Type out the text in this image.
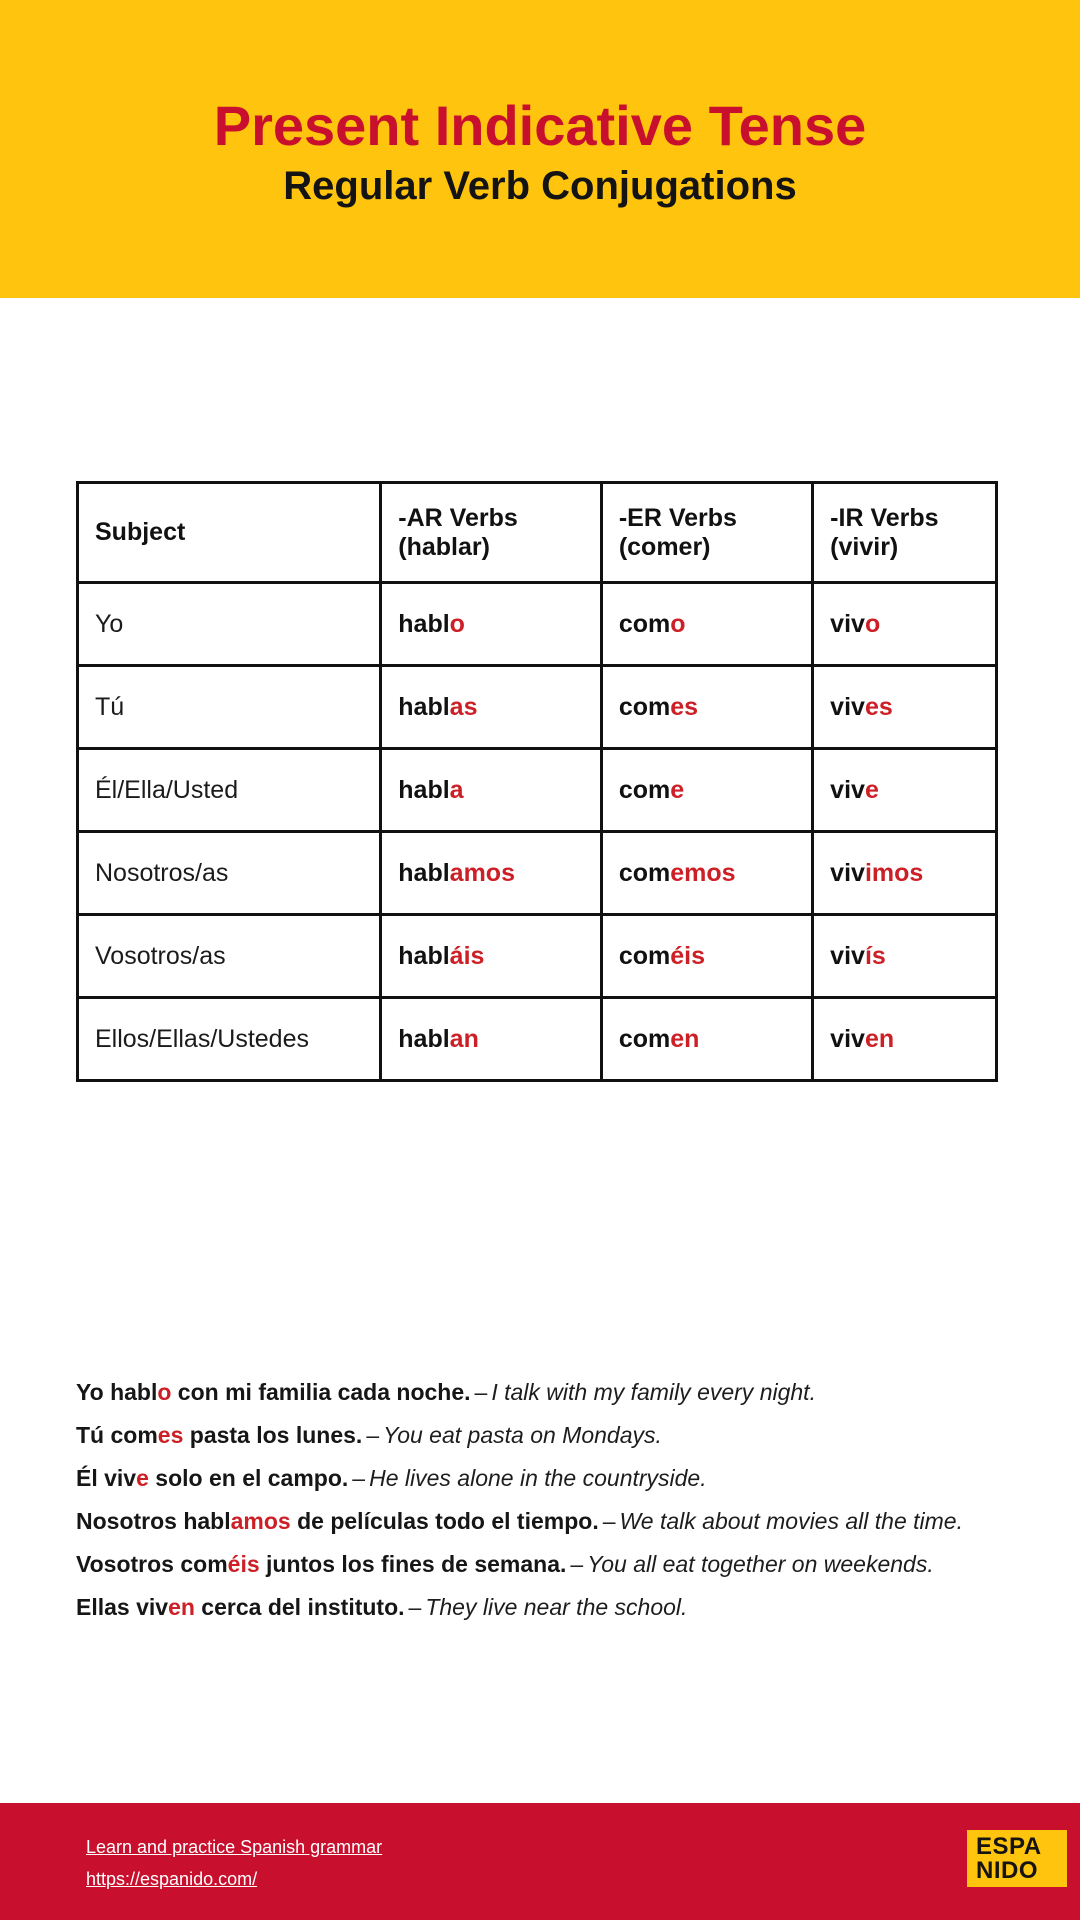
Present Indicative Tense
Regular Verb Conjugations
Subject	-AR Verbs (hablar)	-ER Verbs (comer)	-IR Verbs (vivir)
Yo	hablo	como	vivo
Tú	hablas	comes	vives
Él/Ella/Usted	habla	come	vive
Nosotros/as	hablamos	comemos	vivimos
Vosotros/as	habláis	coméis	vivís
Ellos/Ellas/Ustedes	hablan	comen	viven

Yo hablo con mi familia cada noche. – I talk with my family every night.

Tú comes pasta los lunes. – You eat pasta on Mondays.

Él vive solo en el campo. – He lives alone in the countryside.

Nosotros hablamos de películas todo el tiempo. – We talk about movies all the time.

Vosotros coméis juntos los fines de semana. – You all eat together on weekends.

Ellas viven cerca del instituto. – They live near the school.

Learn and practice Spanish grammar
https://espanido.com/
ESPA
NIDO
